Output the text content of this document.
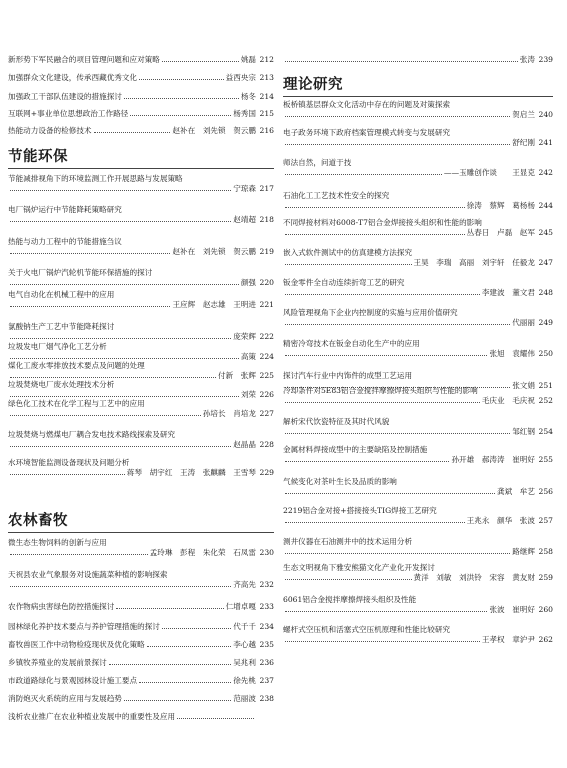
新形势下军民融合的项目管理问题和应对策略	姚磊 212
加强群众文化建设，传承西藏优秀文化	益西央宗 213
加强政工干部队伍建设的措施探讨	杨冬 214
互联网+事业单位思想政治工作路径	杨秀国 215
热能动力设备的检修技术	赵补在　刘先锁　贺云鹏 216
节能环保
节能减排视角下的环境监测工作开展思路与发展策略
宁琼森 217
电厂锅炉运行中节能降耗策略研究
赵靖超 218
热能与动力工程中的节能措施刍议
赵补在　刘先锁　贺云鹏 219
关于火电厂锅炉汽轮机节能环保措施的探讨
颜强 220
电气自动化在机械工程中的应用
王应辉　赵志雄　王明进 221
氯酸钠生产工艺中节能降耗探讨
庞荣辉 222
垃圾发电厂烟气净化工艺分析
高策 224
煤化工废水零排放技术要点及问题的处理
付新　张辉 225
垃圾焚烧电厂废水处理技术分析
刘荣 226
绿色化工技术在化学工程与工艺中的应用
孙培长　肖培龙 227
垃圾焚烧与燃煤电厂耦合发电技术路线探索及研究
赵晶晶 228
水环境智能监测设备现状及问题分析
蒋琴　胡宇红　王涛　张麒麟　王雪琴 229
农林畜牧
微生态生物饲料的创新与应用
孟玲琳　彭程　朱化荣　石凤雷 230
天祝县农业气象服务对设施蔬菜种植的影响探索
齐高先 232
农作物病虫害绿色防控措施探讨	仁增卓嘎 233
园林绿化养护技术要点与养护管理措施的探讨	代千千 234
畜牧兽医工作中动物检疫现状及优化策略	李心越 235
乡镇牧养殖业的发展前景探讨	吴兆利 236
市政道路绿化与景观园林设计施工要点	徐先桃 237
消防炮灭火系统的应用与发展趋势	范丽波 238
浅析农业推广在农业种植业发展中的重要性及应用
张涛 239
理论研究
板桥镇基层群众文化活动中存在的问题及对策探索
贺启兰 240
电子政务环境下政府档案管理模式转变与发展研究
舒纪刚 241
师法自然，问道于技
——玉雕创作谈　　王显克 242
石油化工工艺技术性安全的探究
徐涛　蔡辉　葛杨杨 244
不同焊接材料对6008-T7铝合金焊接接头组织和性能的影响
丛春日　卢磊　赵军 245
嵌入式软件测试中的仿真建模方法探究
王昊　李瑞　高丽　刘宇轩　任毅龙 247
钣金零件全自动连续折弯工艺的研究
李建波　董文君 248
风险管理视角下企业内控制度的实施与应用价值研究
代丽丽 249
精密冷弯技术在钣金自动化生产中的应用
张旭　袁耀伟 250
探讨汽车行业中内饰件的成型工艺运用
张文娟 251
冷却条件对5E83铝合金搅拌摩擦焊接头组织与性能的影响
毛庆业　毛庆祝 252
解析宋代饮瓷特征及其时代风貌
邹红钢 254
金属材料焊接成型中的主要缺陷及控制措施
孙开雄　郝涛涛　崔明好 255
气候变化对茶叶生长及品质的影响
龚斌　牟艺 256
2219铝合金对接+搭接接头TIG焊接工艺研究
王兆永　颜华　张波 257
测井仪器在石油测井中的技术运用分析
路继辉 258
生态文明视角下雅安熊猫文化产业化开发探讨
黄洋　刘敏　刘洪铃　宋容　黄友财 259
6061铝合金搅拌摩擦焊接头组织及性能
张波　崔明好 260
螺杆式空压机和活塞式空压机原理和性能比较研究
王孝权　章沪尹 262
